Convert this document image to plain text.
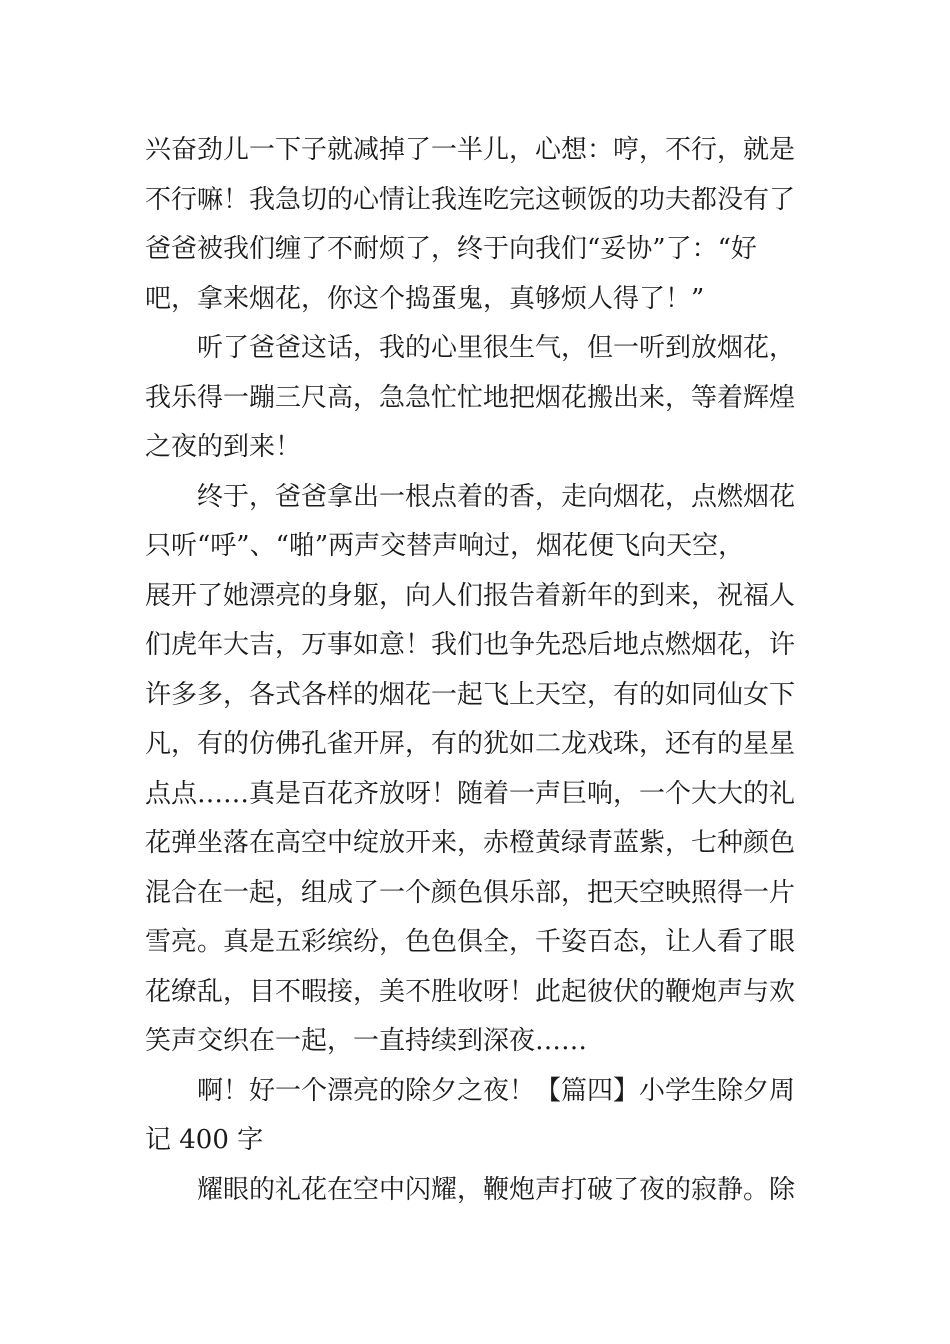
兴奋劲儿一下子就减掉了一半儿，心想：哼，不行，就是
不行嘛！我急切的心情让我连吃完这顿饭的功夫都没有了
爸爸被我们缠了不耐烦了，终于向我们“妥协”了：“好
吧，拿来烟花，你这个捣蛋鬼，真够烦人得了！”
　　听了爸爸这话，我的心里很生气，但一听到放烟花，
我乐得一蹦三尺高，急急忙忙地把烟花搬出来，等着辉煌
之夜的到来！
　　终于，爸爸拿出一根点着的香，走向烟花，点燃烟花
只听“呼”、“啪”两声交替声响过，烟花便飞向天空，
展开了她漂亮的身躯，向人们报告着新年的到来，祝福人
们虎年大吉，万事如意！我们也争先恐后地点燃烟花，许
许多多，各式各样的烟花一起飞上天空，有的如同仙女下
凡，有的仿佛孔雀开屏，有的犹如二龙戏珠，还有的星星
点点……真是百花齐放呀！随着一声巨响，一个大大的礼
花弹坐落在高空中绽放开来，赤橙黄绿青蓝紫，七种颜色
混合在一起，组成了一个颜色俱乐部，把天空映照得一片
雪亮。真是五彩缤纷，色色俱全，千姿百态，让人看了眼
花缭乱，目不暇接，美不胜收呀！此起彼伏的鞭炮声与欢
笑声交织在一起，一直持续到深夜……
　　啊！好一个漂亮的除夕之夜！【篇四】小学生除夕周
记 400 字
　　耀眼的礼花在空中闪耀，鞭炮声打破了夜的寂静。除
